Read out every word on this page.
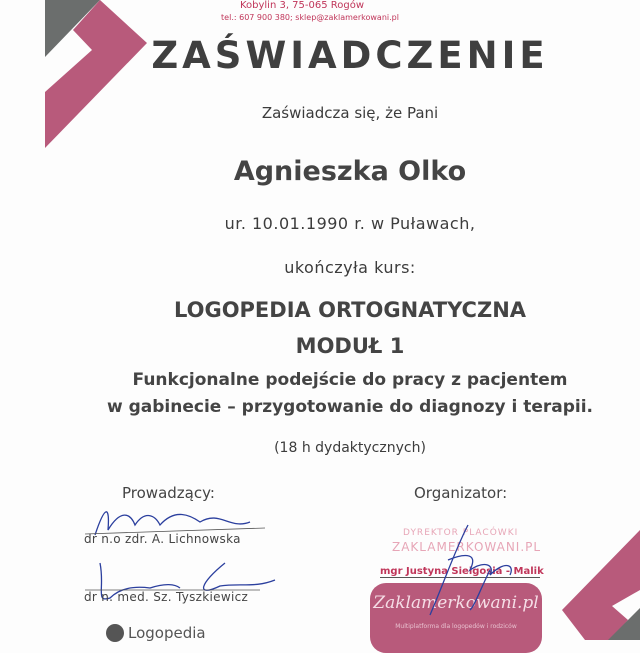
Kobylin 3, 75-065 Rogów
tel.: 607 900 380; sklep@zaklamerkowani.pl
ZAŚWIADCZENIE
Zaświadcza się, że Pani
Agnieszka Olko
ur. 10.01.1990 r. w Puławach,
ukończyła kurs:
LOGOPEDIA ORTOGNATYCZNA
MODUŁ 1
Funkcjonalne podejście do pracy z pacjentem
w gabinecie – przygotowanie do diagnozy i terapii.
(18 h dydaktycznych)
Prowadzący:
dr n.o zdr. A. Lichnowska
dr n. med. Sz. Tyszkiewicz
Logopedia
Organizator:
DYREKTOR PLACÓWKI
ZAKLAMERKOWANI.PL
mgr Justyna Sieigosia - Malik
Zaklamerkowani.pl
Multiplatforma dla logopedów i rodziców
